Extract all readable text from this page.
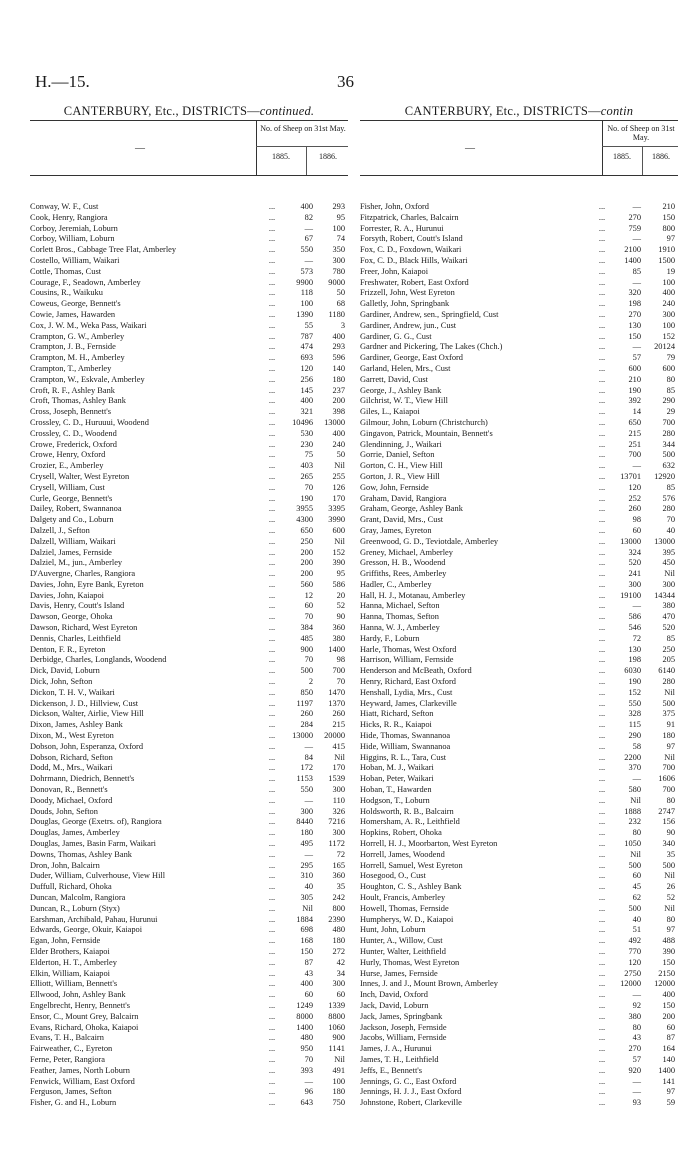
H.—15.	36
CANTERBURY, Etc., DISTRICTS—continued.
—
No. of Sheep on 31st May.
1885.	1886.
Conway, W. F., Cust	...	400	293
Cook, Henry, Rangiora	...	82	95
Corboy, Jeremiah, Loburn	...	—	100
Corboy, William, Loburn	...	67	74
Corlett Bros., Cabbage Tree Flat, Amberley	...	550	350
Costello, William, Waikari	...	—	300
Cottle, Thomas, Cust	...	573	780
Courage, F., Seadown, Amberley	...	9900	9000
Cousins, R., Waikuku	...	118	50
Coweus, George, Bennett's	...	100	68
Cowie, James, Hawarden	...	1390	1180
Cox, J. W. M., Weka Pass, Waikari	...	55	3
Crampton, G. W., Amberley	...	787	400
Crampton, J. B., Fernside	...	474	293
Crampton, M. H., Amberley	...	693	596
Crampton, T., Amberley	...	120	140
Crampton, W., Eskvale, Amberley	...	256	180
Croft, R. F., Ashley Bank	...	145	237
Croft, Thomas, Ashley Bank	...	400	200
Cross, Joseph, Bennett's	...	321	398
Crossley, C. D., Huruuui, Woodend	...	10496	13000
Crossley, C. D., Woodend	...	530	400
Crowe, Frederick, Oxford	...	230	240
Crowe, Henry, Oxford	...	75	50
Crozier, E., Amberley	...	403	Nil
Crysell, Walter, West Eyreton	...	265	255
Crysell, William, Cust	...	70	126
Curle, George, Bennett's	...	190	170
Dailey, Robert, Swannanoa	...	3955	3395
Dalgety and Co., Loburn	...	4300	3990
Dalzell, J., Sefton	...	650	600
Dalzell, William, Waikari	...	250	Nil
Dalziel, James, Fernside	...	200	152
Dalziel, M., jun., Amberley	...	200	390
D'Auvergne, Charles, Rangiora	...	200	95
Davies, John, Eyre Bank, Eyreton	...	560	586
Davies, John, Kaiapoi	...	12	20
Davis, Henry, Coutt's Island	...	60	52
Dawson, George, Ohoka	...	70	90
Dawson, Richard, West Eyreton	...	384	360
Dennis, Charles, Leithfield	...	485	380
Denton, F. R., Eyreton	...	900	1400
Derbidge, Charles, Longlands, Woodend	...	70	98
Dick, David, Loburn	...	500	700
Dick, John, Sefton	...	2	70
Dickon, T. H. V., Waikari	...	850	1470
Dickenson, J. D., Hillview, Cust	...	1197	1370
Dickson, Walter, Airlie, View Hill	...	260	260
Dixon, James, Ashley Bank	...	284	215
Dixon, M., West Eyreton	...	13000	20000
Dobson, John, Esperanza, Oxford	...	—	415
Dobson, Richard, Sefton	...	84	Nil
Dodd, M., Mrs., Waikari	...	172	170
Dohrmann, Diedrich, Bennett's	...	1153	1539
Donovan, R., Bennett's	...	550	300
Doody, Michael, Oxford	...	—	110
Douds, John, Sefton	...	300	326
Douglas, George (Exetrs. of), Rangiora	...	8440	7216
Douglas, James, Amberley	...	180	300
Douglas, James, Basin Farm, Waikari	...	495	1172
Downs, Thomas, Ashley Bank	...	—	72
Dron, John, Balcairn	...	295	165
Duder, William, Culverhouse, View Hill	...	310	360
Duffull, Richard, Ohoka	...	40	35
Duncan, Malcolm, Rangiora	...	305	242
Duncan, R., Loburn (Styx)	...	Nil	800
Earshman, Archibald, Pahau, Hurunui	...	1884	2390
Edwards, George, Okuir, Kaiapoi	...	698	480
Egan, John, Fernside	...	168	180
Elder Brothers, Kaiapoi	...	150	272
Elderton, H. T., Amberley	...	87	42
Elkin, William, Kaiapoi	...	43	34
Elliott, William, Bennett's	...	400	300
Ellwood, John, Ashley Bank	...	60	60
Engelbrecht, Henry, Bennett's	...	1249	1339
Ensor, C., Mount Grey, Balcairn	...	8000	8800
Evans, Richard, Ohoka, Kaiapoi	...	1400	1060
Evans, T. H., Balcairn	...	480	900
Fairweather, C., Eyreton	...	950	1141
Ferne, Peter, Rangiora	...	70	Nil
Feather, James, North Loburn	...	393	491
Fenwick, William, East Oxford	...	—	100
Ferguson, James, Sefton	...	96	180
Fisher, G. and H., Loburn	...	643	750
CANTERBURY, Etc., DISTRICTS—contin
—
No. of Sheep on 31st May.
1885.	1886.
Fisher, John, Oxford	...	—	210
Fitzpatrick, Charles, Balcairn	...	270	150
Forrester, R. A., Hurunui	...	759	800
Forsyth, Robert, Coutt's Island	...	—	97
Fox, C. D., Foxdown, Waikari	...	2100	1910
Fox, C. D., Black Hills, Waikari	...	1400	1500
Freer, John, Kaiapoi	...	85	19
Freshwater, Robert, East Oxford	...	—	100
Frizzell, John, West Eyreton	...	320	400
Galletly, John, Springbank	...	198	240
Gardiner, Andrew, sen., Springfield, Cust	...	270	300
Gardiner, Andrew, jun., Cust	...	130	100
Gardiner, G. G., Cust	...	150	152
Gardner and Pickering, The Lakes (Chch.)	...	—	20124
Gardiner, George, East Oxford	...	57	79
Garland, Helen, Mrs., Cust	...	600	600
Garrett, David, Cust	...	210	80
George, J., Ashley Bank	...	190	85
Gilchrist, W. T., View Hill	...	392	290
Giles, L., Kaiapoi	...	14	29
Gilmour, John, Loburn (Christchurch)	...	650	700
Gingavon, Patrick, Mountain, Bennett's	...	215	280
Glendinning, J., Waikari	...	251	344
Gorrie, Daniel, Sefton	...	700	500
Gorton, C. H., View Hill	...	—	632
Gorton, J. R., View Hill	...	13701	12920
Gow, John, Fernside	...	120	85
Graham, David, Rangiora	...	252	576
Graham, George, Ashley Bank	...	260	280
Grant, David, Mrs., Cust	...	98	70
Gray, James, Eyreton	...	60	40
Greenwood, G. D., Teviotdale, Amberley	...	13000	13000
Greney, Michael, Amberley	...	324	395
Gresson, H. B., Woodend	...	520	450
Griffiths, Rees, Amberley	...	241	Nil
Hadler, C., Amberley	...	300	300
Hall, H. J., Motanau, Amberley	...	19100	14344
Hanna, Michael, Sefton	...	—	380
Hanna, Thomas, Sefton	...	586	470
Hanna, W. J., Amberley	...	546	520
Hardy, F., Loburn	...	72	85
Harle, Thomas, West Oxford	...	130	250
Harrison, William, Fernside	...	198	205
Henderson and McBeath, Oxford	...	6030	6140
Henry, Richard, East Oxford	...	190	280
Henshall, Lydia, Mrs., Cust	...	152	Nil
Heyward, James, Clarkeville	...	550	500
Hiatt, Richard, Sefton	...	328	375
Hicks, R. R., Kaiapoi	...	115	91
Hide, Thomas, Swannanoa	...	290	180
Hide, William, Swannanoa	...	58	97
Higgins, R. L., Tara, Cust	...	2200	Nil
Hoban, M. J., Waikari	...	370	700
Hoban, Peter, Waikari	...	—	1606
Hoban, T., Hawarden	...	580	700
Hodgson, T., Loburn	...	Nil	80
Holdsworth, R. B., Balcairn	...	1888	2747
Homersham, A. R., Leithfield	...	232	156
Hopkins, Robert, Ohoka	...	80	90
Horrell, H. J., Moorbarton, West Eyreton	...	1050	340
Horrell, James, Woodend	...	Nil	35
Horrell, Samuel, West Eyreton	...	500	500
Hosegood, O., Cust	...	60	Nil
Houghton, C. S., Ashley Bank	...	45	26
Hoult, Francis, Amberley	...	62	52
Howell, Thomas, Fernside	...	500	Nil
Humpherys, W. D., Kaiapoi	...	40	80
Hunt, John, Loburn	...	51	97
Hunter, A., Willow, Cust	...	492	488
Hunter, Walter, Leithfield	...	770	390
Hurly, Thomas, West Eyreton	...	120	150
Hurse, James, Fernside	...	2750	2150
Innes, J. and J., Mount Brown, Amberley	...	12000	12000
Inch, David, Oxford	...	—	400
Jack, David, Loburn	...	92	150
Jack, James, Springbank	...	380	200
Jackson, Joseph, Fernside	...	80	60
Jacobs, William, Fernside	...	43	87
James, J. A., Hurunui	...	270	164
James, T. H., Leithfield	...	57	140
Jeffs, E., Bennett's	...	920	1400
Jennings, G. C., East Oxford	...	—	141
Jennings, H. J. J., East Oxford	...	—	97
Johnstone, Robert, Clarkeville	...	93	59
